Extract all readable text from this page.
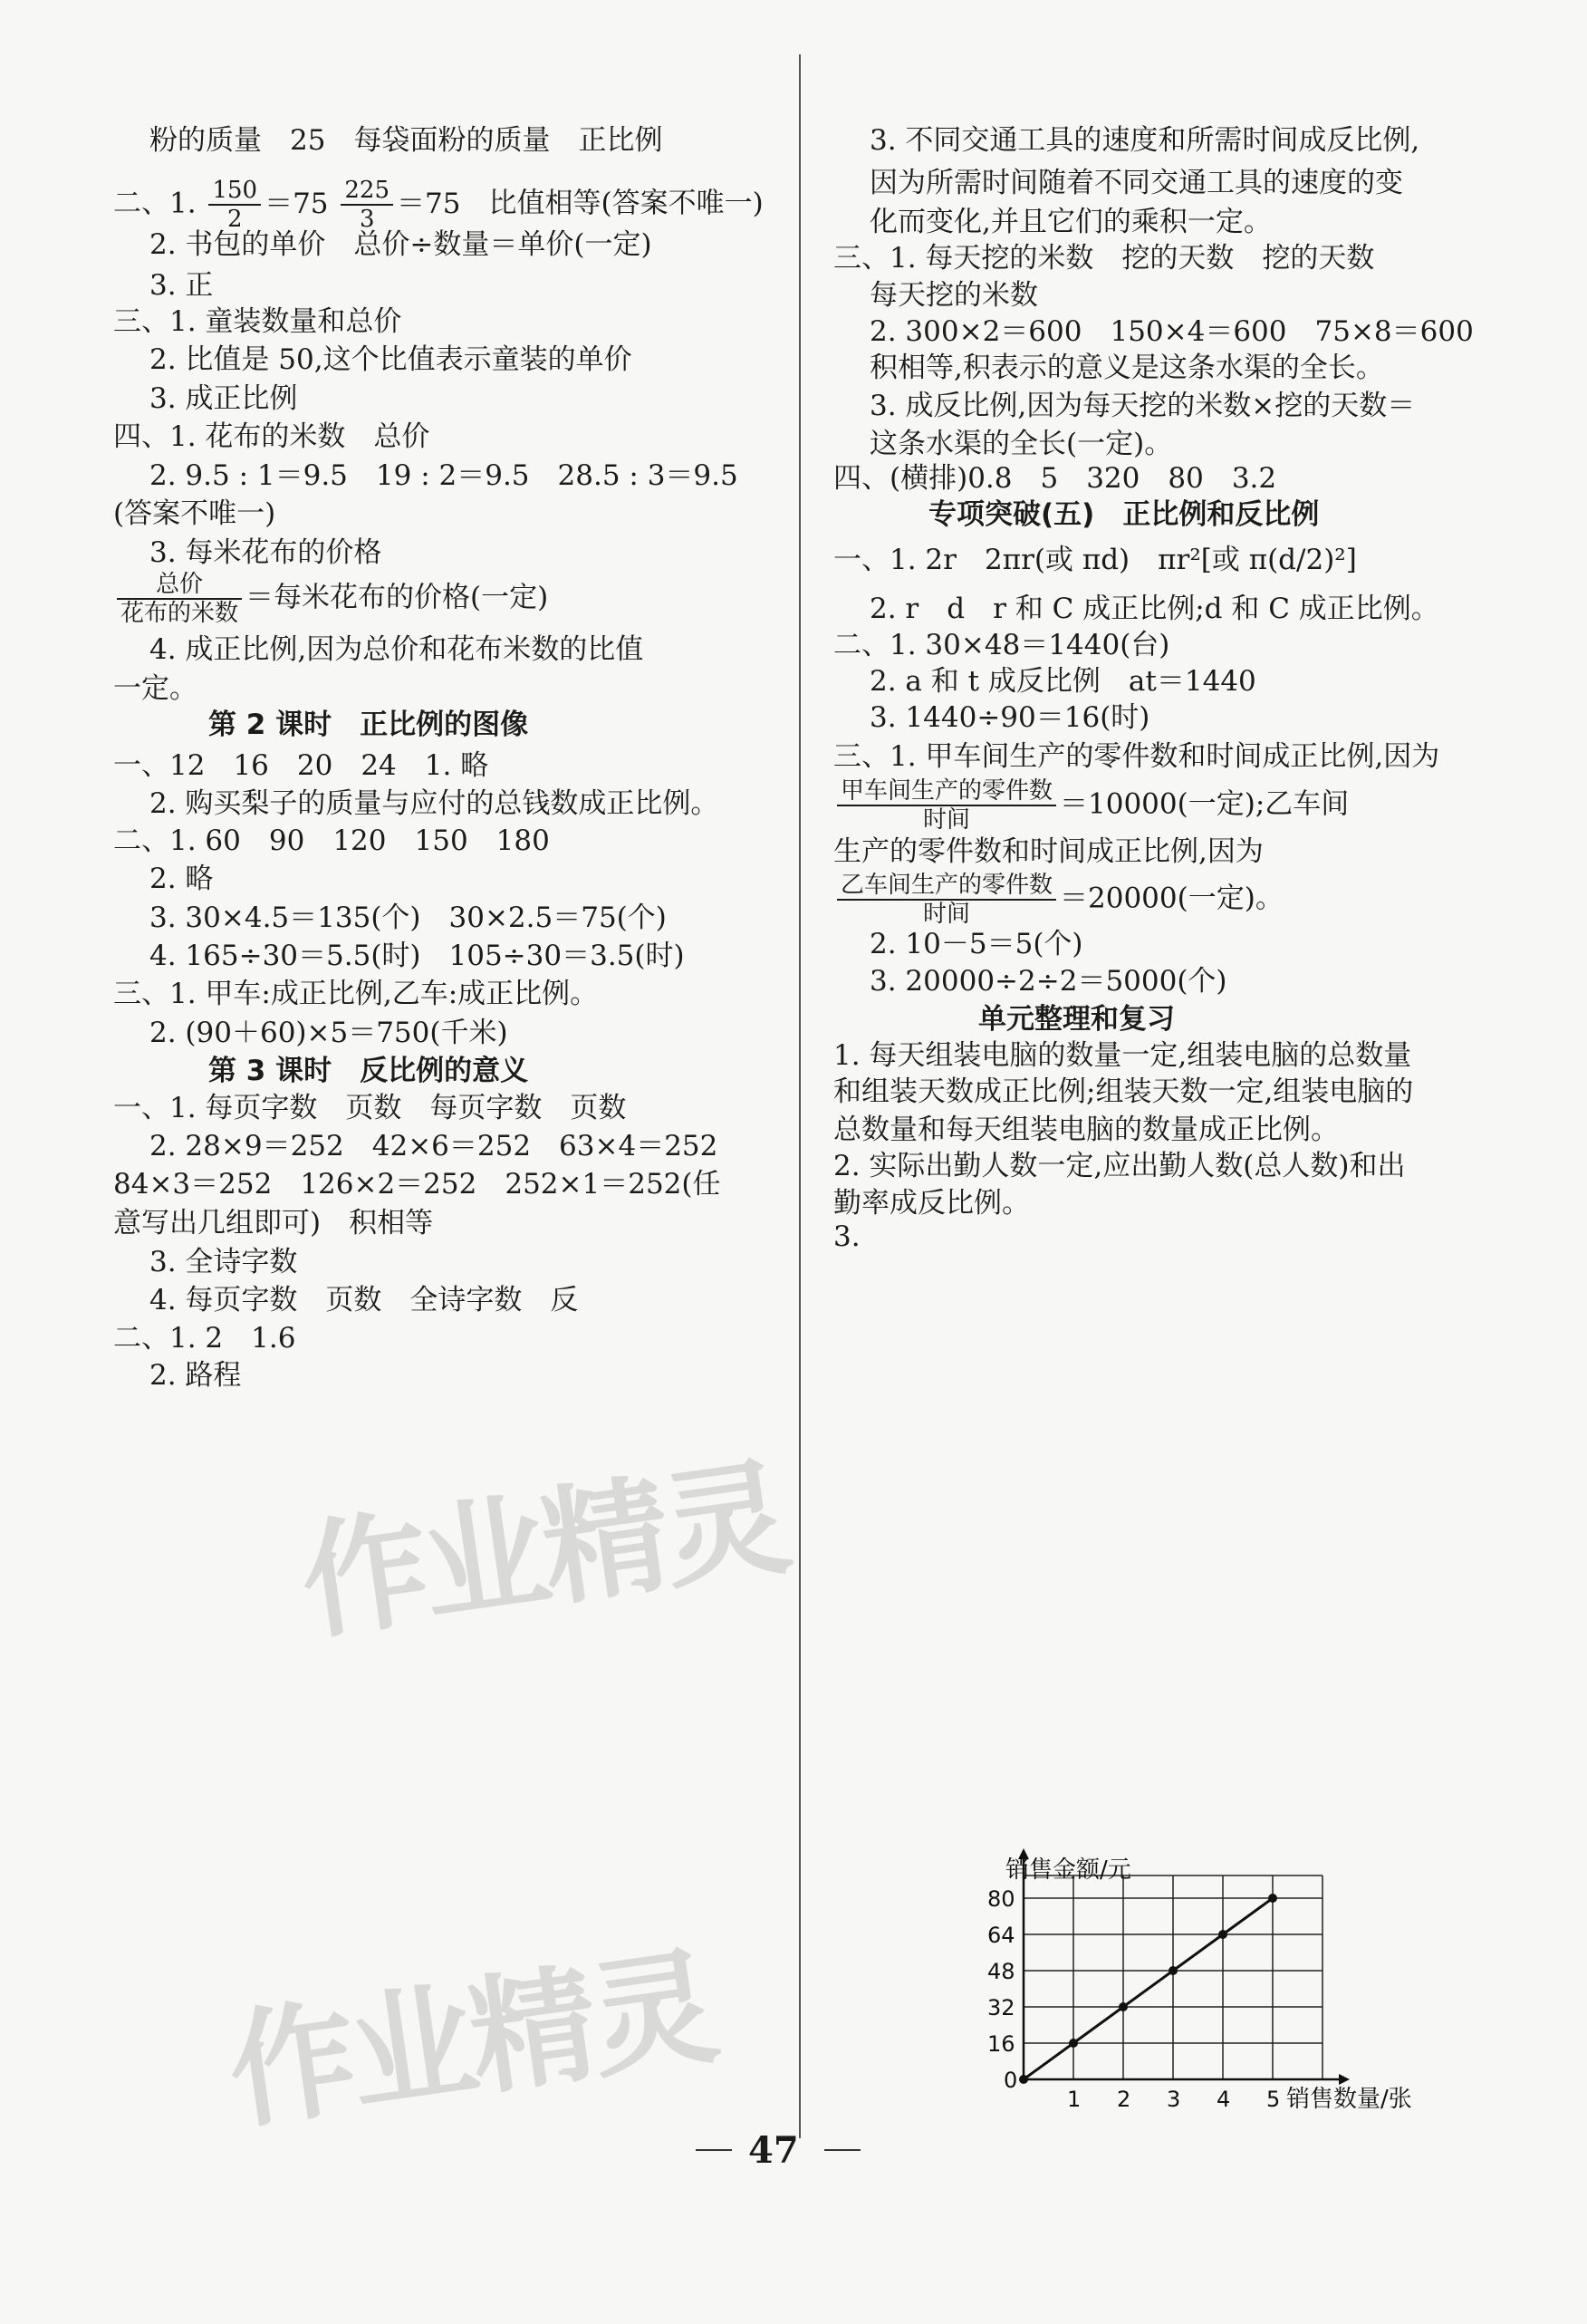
粉的质量　25　每袋面粉的质量　正比例
二、1. $\frac{150}{2} =75 \frac{225}{3} =75$　比值相等(答案不唯一)
2. 书包的单价　总价÷数量＝单价(一定)
3. 正
三、1. 童装数量和总价
2. 比值是 50,这个比值表示童装的单价
3. 成正比例
四、1. 花布的米数　总价
2. 9.5 : 1＝9.5　19 : 2＝9.5　28.5 : 3＝9.5
(答案不唯一)
3. 每米花布的价格
$\frac{\text{总价}}{\text{花布的米数}}$ ＝每米花布的价格(一定)
4. 成正比例,因为总价和花布米数的比值
一定。
第 2 课时　正比例的图像
一、12　16　20　24　1. 略
2. 购买梨子的质量与应付的总钱数成正比例。
二、1. 60　90　120　150　180
2. 略
3. 30×4.5＝135(个)　30×2.5＝75(个)
4. 165÷30＝5.5(时)　105÷30＝3.5(时)
三、1. 甲车:成正比例,乙车:成正比例。
2. (90＋60)×5＝750(千米)
第 3 课时　反比例的意义
一、1. 每页字数　页数　每页字数　页数
2. 28×9＝252　42×6＝252　63×4＝252
84×3＝252　126×2＝252　252×1＝252(任
意写出几组即可)　积相等
3. 全诗字数
4. 每页字数　页数　全诗字数　反
二、1. 2　1.6
2. 路程
3. 不同交通工具的速度和所需时间成反比例,
因为所需时间随着不同交通工具的速度的变
化而变化,并且它们的乘积一定。
三、1. 每天挖的米数　挖的天数　挖的天数
每天挖的米数
2. 300×2＝600　150×4＝600　75×8＝600
积相等,积表示的意义是这条水渠的全长。
3. 成反比例,因为每天挖的米数×挖的天数＝
这条水渠的全长(一定)。
四、(横排)0.8　5　320　80　3.2
专项突破(五)　正比例和反比例
一、1. 2r　2πr(或 πd)　πr²[或 π(d/2)²]
2. r　d　r 和 C 成正比例;d 和 C 成正比例。
二、1. 30×48＝1440(台)
2. a 和 t 成反比例　at＝1440
3. 1440÷90＝16(时)
三、1. 甲车间生产的零件数和时间成正比例,因为
$\frac{\text{甲车间生产的零件数}}{\text{时间}} =10000$(一定);乙车间
生产的零件数和时间成正比例,因为
$\frac{\text{乙车间生产的零件数}}{\text{时间}} =20000$(一定)。
2. 10－5＝5(个)
3. 20000÷2÷2＝5000(个)
单元整理和复习
1. 每天组装电脑的数量一定,组装电脑的总数量
和组装天数成正比例;组装天数一定,组装电脑的
总数量和每天组装电脑的数量成正比例。
2. 实际出勤人数一定,应出勤人数(总人数)和出
勤率成反比例。
3.
作业精灵
作业精灵	1 2 3 4 5
0
16
32
48
64
80
销售金额/元
销售数量/张
47
